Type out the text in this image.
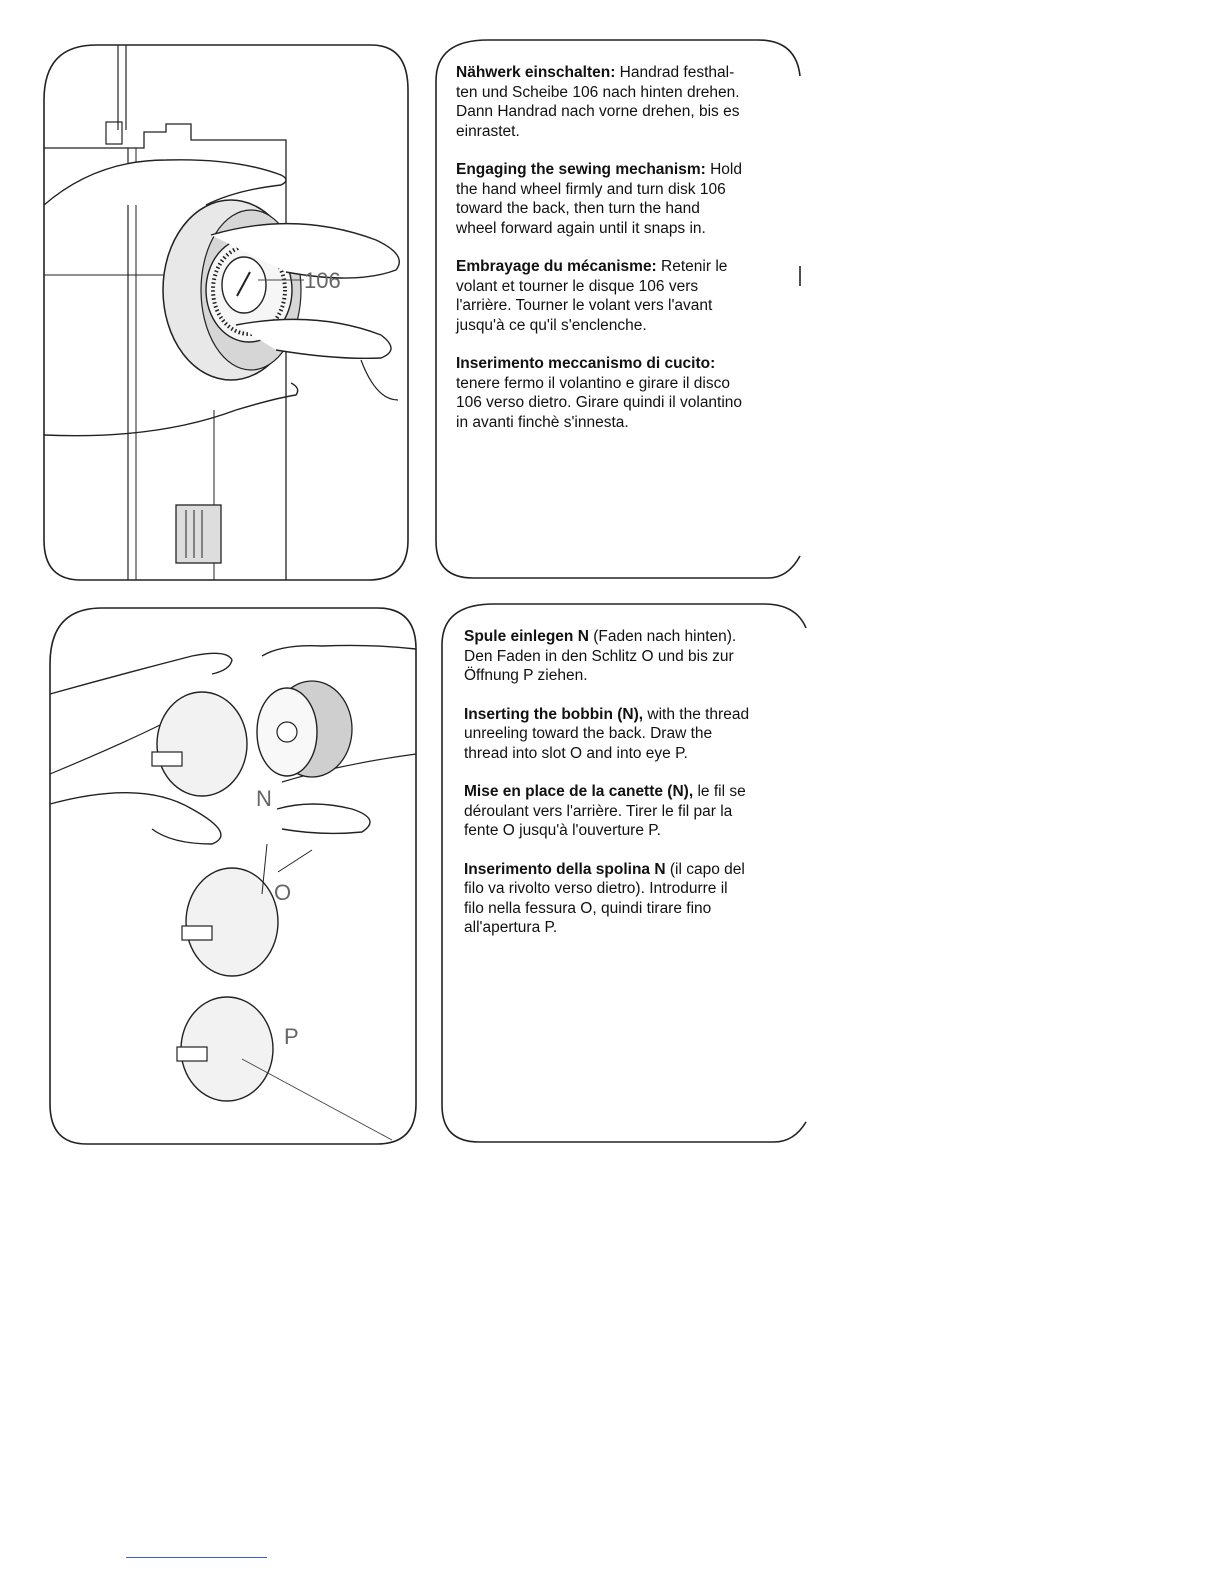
106

Nähwerk einschalten: Handrad festhal-
ten und Scheibe 106 nach hinten drehen.
Dann Handrad nach vorne drehen, bis es
einrastet.

Engaging the sewing mechanism: Hold
the hand wheel firmly and turn disk 106
toward the back, then turn the hand
wheel forward again until it snaps in.

Embrayage du mécanisme: Retenir le
volant et tourner le disque 106 vers
l'arrière. Tourner le volant vers l'avant
jusqu'à ce qu'il s'enclenche.

Inserimento meccanismo di cucito:
tenere fermo il volantino e girare il disco
106 verso dietro. Girare quindi il volantino
in avanti finchè s'innesta.

N
O
P

Spule einlegen N (Faden nach hinten).
Den Faden in den Schlitz O und bis zur
Öffnung P ziehen.

Inserting the bobbin (N), with the thread
unreeling toward the back. Draw the
thread into slot O and into eye P.

Mise en place de la canette (N), le fil se
déroulant vers l'arrière. Tirer le fil par la
fente O jusqu'à l'ouverture P.

Inserimento della spolina N (il capo del
filo va rivolto verso dietro). Introdurre il
filo nella fessura O, quindi tirare fino
all'apertura P.
